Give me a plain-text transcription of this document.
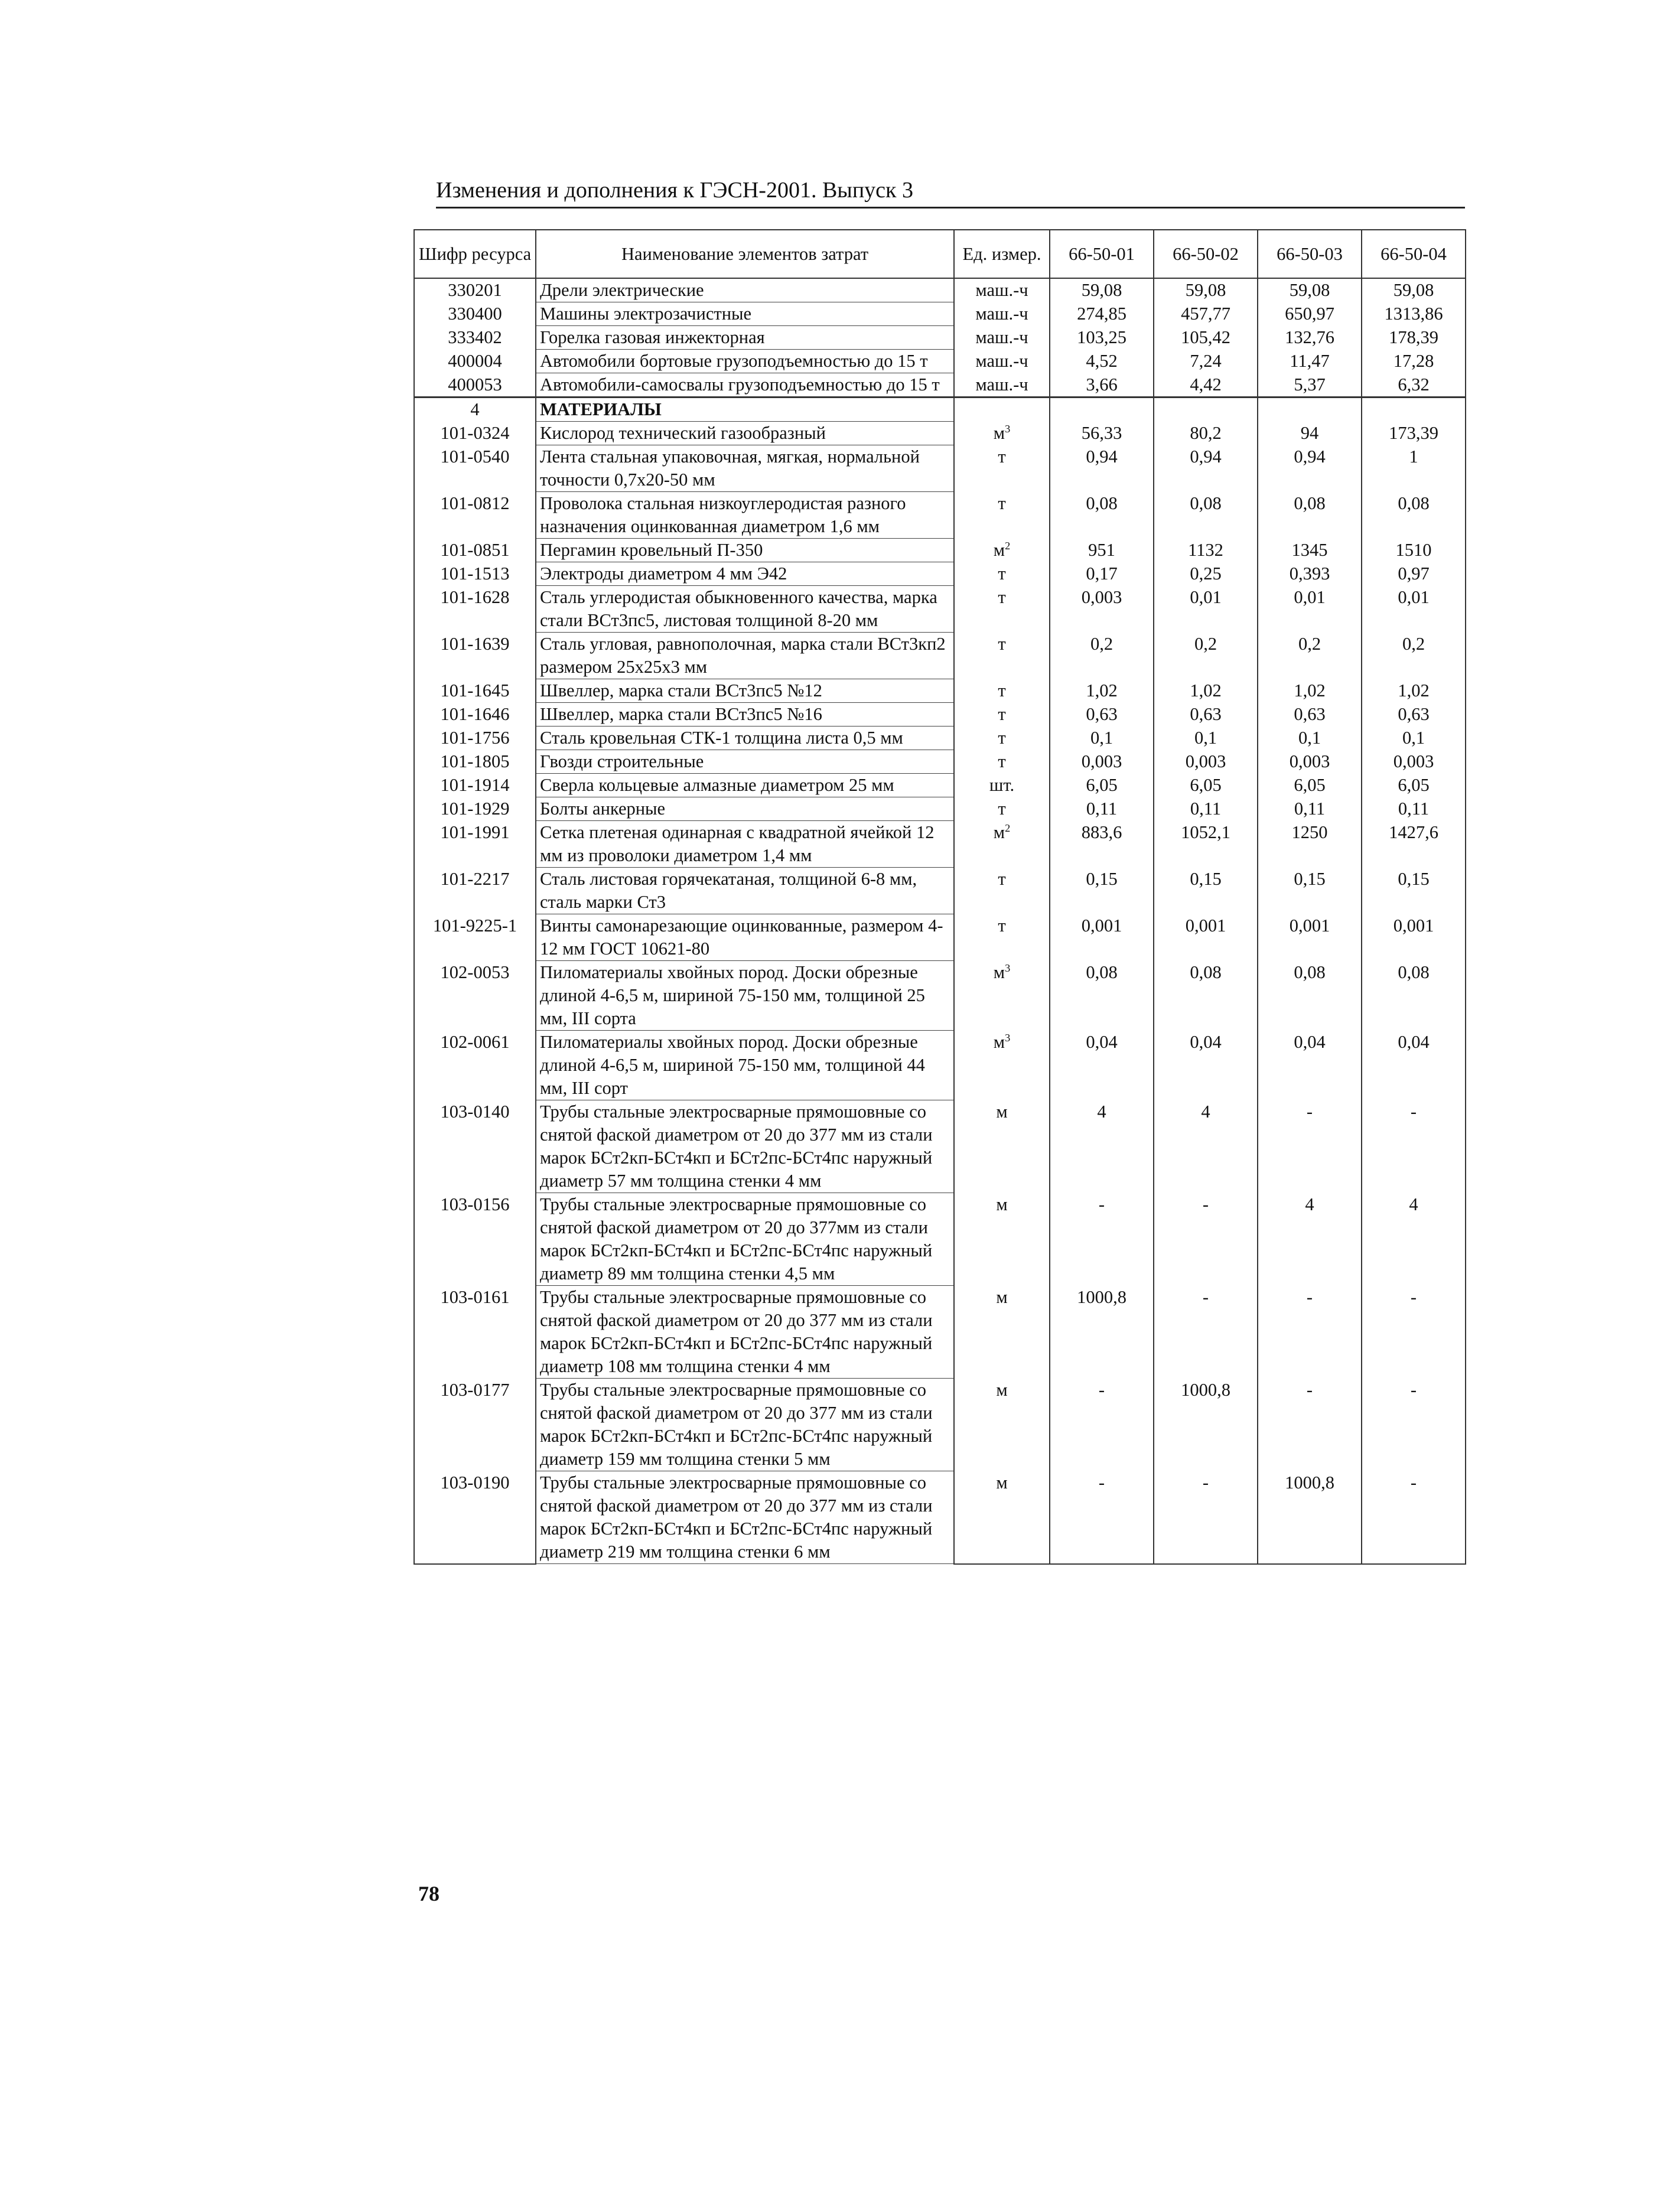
Изменения и дополнения к ГЭСН-2001. Выпуск 3
Шифр ресурса	Наименование элементов затрат	Ед. измер.	66-50-01	66-50-02	66-50-03	66-50-04
330201	Дрели электрические	маш.-ч	59,08	59,08	59,08	59,08
330400	Машины электрозачистные	маш.-ч	274,85	457,77	650,97	1313,86
333402	Горелка газовая инжекторная	маш.-ч	103,25	105,42	132,76	178,39
400004	Автомобили бортовые грузоподъемностью до 15 т	маш.-ч	4,52	7,24	11,47	17,28
400053	Автомобили-самосвалы грузоподъемностью до 15 т	маш.-ч	3,66	4,42	5,37	6,32
4	МАТЕРИАЛЫ					
101-0324	Кислород технический газообразный	$м^3$	56,33	80,2	94	173,39
101-0540	Лента стальная упаковочная, мягкая, нормальной точности 0,7х20-50 мм	т	0,94	0,94	0,94	1
101-0812	Проволока стальная низкоуглеродистая разного назначения оцинкованная диаметром 1,6 мм	т	0,08	0,08	0,08	0,08
101-0851	Пергамин кровельный П-350	$м^2$	951	1132	1345	1510
101-1513	Электроды диаметром 4 мм Э42	т	0,17	0,25	0,393	0,97
101-1628	Сталь углеродистая обыкновенного качества, марка стали ВСт3пс5, листовая толщиной 8-20 мм	т	0,003	0,01	0,01	0,01
101-1639	Сталь угловая, равнополочная, марка стали ВСт3кп2 размером 25х25х3 мм	т	0,2	0,2	0,2	0,2
101-1645	Швеллер, марка стали ВСт3пс5 №12	т	1,02	1,02	1,02	1,02
101-1646	Швеллер, марка стали ВСт3пс5 №16	т	0,63	0,63	0,63	0,63
101-1756	Сталь кровельная СТК-1 толщина листа 0,5 мм	т	0,1	0,1	0,1	0,1
101-1805	Гвозди строительные	т	0,003	0,003	0,003	0,003
101-1914	Сверла кольцевые алмазные диаметром 25 мм	шт.	6,05	6,05	6,05	6,05
101-1929	Болты анкерные	т	0,11	0,11	0,11	0,11
101-1991	Сетка плетеная одинарная с квадратной ячейкой 12 мм из проволоки диаметром 1,4 мм	$м^2$	883,6	1052,1	1250	1427,6
101-2217	Сталь листовая горячекатаная, толщиной 6-8 мм, сталь марки Ст3	т	0,15	0,15	0,15	0,15
101-9225-1	Винты самонарезающие оцинкованные, размером 4-12 мм ГОСТ 10621-80	т	0,001	0,001	0,001	0,001
102-0053	Пиломатериалы хвойных пород. Доски обрезные длиной 4-6,5 м, шириной 75-150 мм, толщиной 25 мм, III сорта	$м^3$	0,08	0,08	0,08	0,08
102-0061	Пиломатериалы хвойных пород. Доски обрезные длиной 4-6,5 м, шириной 75-150 мм, толщиной 44 мм, III сорт	$м^3$	0,04	0,04	0,04	0,04
103-0140	Трубы стальные электросварные прямошовные со снятой фаской диаметром от 20 до 377 мм из стали марок БСт2кп-БСт4кп и БСт2пс-БСт4пс наружный диаметр 57 мм толщина стенки 4 мм	м	4	4	-	-
103-0156	Трубы стальные электросварные прямошовные со снятой фаской диаметром от 20 до 377мм из стали марок БСт2кп-БСт4кп и БСт2пс-БСт4пс наружный диаметр 89 мм толщина стенки 4,5 мм	м	-	-	4	4
103-0161	Трубы стальные электросварные прямошовные со снятой фаской диаметром от 20 до 377 мм из стали марок БСт2кп-БСт4кп и БСт2пс-БСт4пс наружный диаметр 108 мм толщина стенки 4 мм	м	1000,8	-	-	-
103-0177	Трубы стальные электросварные прямошовные со снятой фаской диаметром от 20 до 377 мм из стали марок БСт2кп-БСт4кп и БСт2пс-БСт4пс наружный диаметр 159 мм толщина стенки 5 мм	м	-	1000,8	-	-
103-0190	Трубы стальные электросварные прямошовные со снятой фаской диаметром от 20 до 377 мм из стали марок БСт2кп-БСт4кп и БСт2пс-БСт4пс наружный диаметр 219 мм толщина стенки 6 мм	м	-	-	1000,8	-
78
